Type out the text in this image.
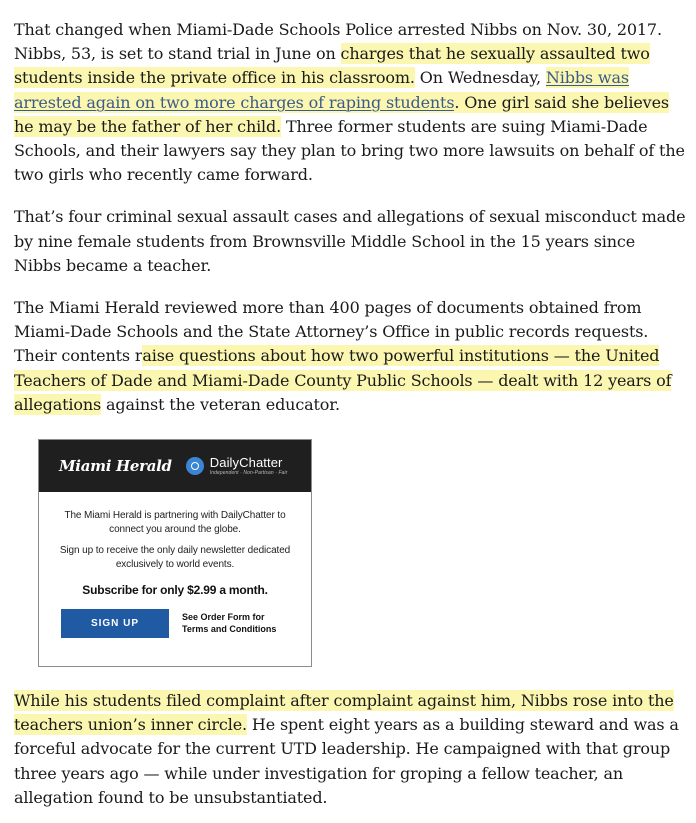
That changed when Miami-Dade Schools Police arrested Nibbs on Nov. 30, 2017. Nibbs, 53, is set to stand trial in June on charges that he sexually assaulted two students inside the private office in his classroom. On Wednesday, Nibbs was arrested again on two more charges of raping students. One girl said she believes he may be the father of her child. Three former students are suing Miami-Dade Schools, and their lawyers say they plan to bring two more lawsuits on behalf of the two girls who recently came forward.

That’s four criminal sexual assault cases and allegations of sexual misconduct made by nine female students from Brownsville Middle School in the 15 years since Nibbs became a teacher.

The Miami Herald reviewed more than 400 pages of documents obtained from Miami-Dade Schools and the State Attorney’s Office in public records requests. Their contents raise questions about how two powerful institutions — the United Teachers of Dade and Miami-Dade County Public Schools — dealt with 12 years of allegations against the veteran educator.

Miami Herald	DailyChatter
Independent · Non-Partisan · Fair

The Miami Herald is partnering with DailyChatter to connect you around the globe.

Sign up to receive the only daily newsletter dedicated exclusively to world events.

Subscribe for only $2.99 a month.

SIGN UP
See Order Form for
Terms and Conditions

While his students filed complaint after complaint against him, Nibbs rose into the teachers union’s inner circle. He spent eight years as a building steward and was a forceful advocate for the current UTD leadership. He campaigned with that group three years ago — while under investigation for groping a fellow teacher, an allegation found to be unsubstantiated.
